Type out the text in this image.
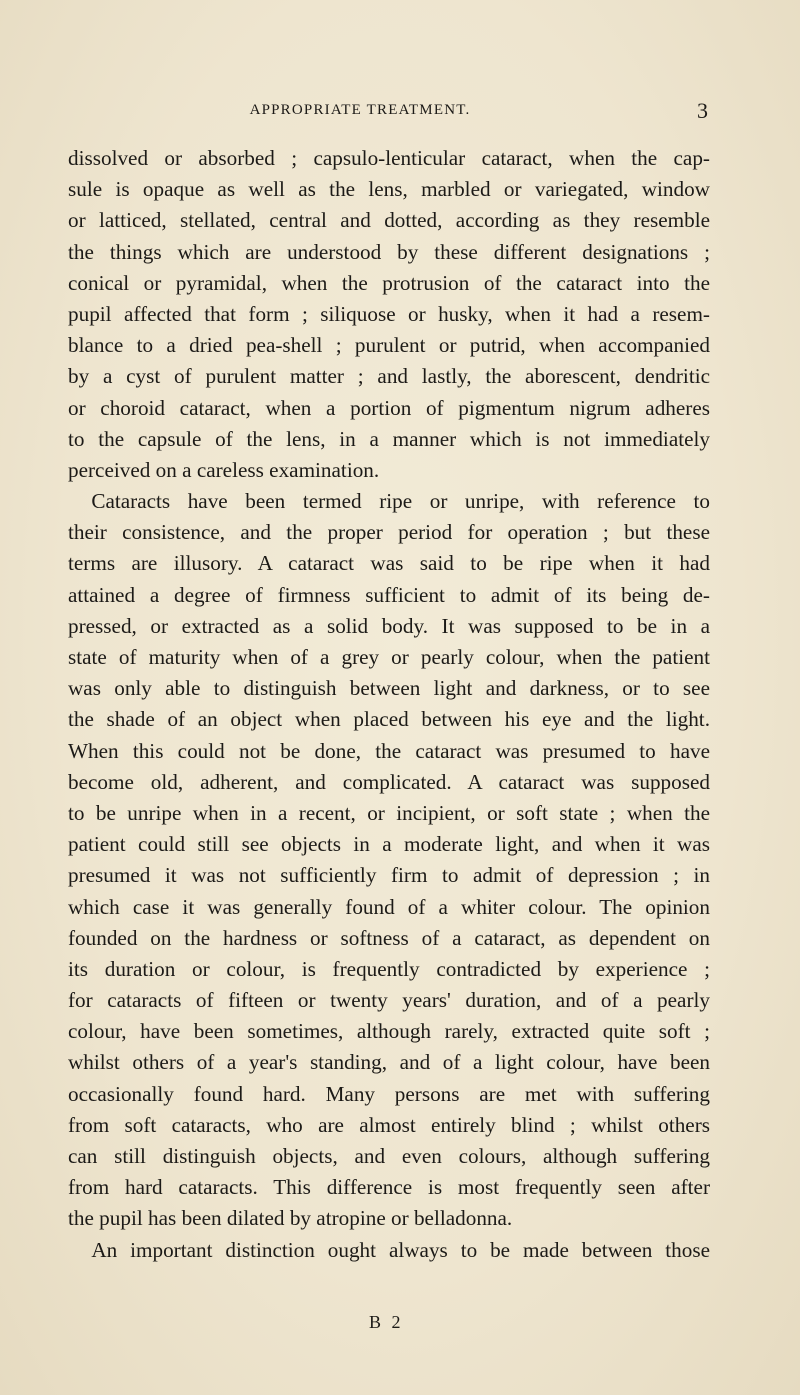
APPROPRIATE TREATMENT.	3
dissolved or absorbed ; capsulo-lenticular cataract, when the cap-
sule is opaque as well as the lens, marbled or variegated, window
or latticed, stellated, central and dotted, according as they resemble
the things which are understood by these different designations ;
conical or pyramidal, when the protrusion of the cataract into the
pupil affected that form ; siliquose or husky, when it had a resem-
blance to a dried pea-shell ; purulent or putrid, when accompanied
by a cyst of purulent matter ; and lastly, the aborescent, dendritic
or choroid cataract, when a portion of pigmentum nigrum adheres
to the capsule of the lens, in a manner which is not immediately
perceived on a careless examination.
Cataracts have been termed ripe or unripe, with reference to
their consistence, and the proper period for operation ; but these
terms are illusory. A cataract was said to be ripe when it had
attained a degree of firmness sufficient to admit of its being de-
pressed, or extracted as a solid body. It was supposed to be in a
state of maturity when of a grey or pearly colour, when the patient
was only able to distinguish between light and darkness, or to see
the shade of an object when placed between his eye and the light.
When this could not be done, the cataract was presumed to have
become old, adherent, and complicated. A cataract was supposed
to be unripe when in a recent, or incipient, or soft state ; when the
patient could still see objects in a moderate light, and when it was
presumed it was not sufficiently firm to admit of depression ; in
which case it was generally found of a whiter colour. The opinion
founded on the hardness or softness of a cataract, as dependent on
its duration or colour, is frequently contradicted by experience ;
for cataracts of fifteen or twenty years' duration, and of a pearly
colour, have been sometimes, although rarely, extracted quite soft ;
whilst others of a year's standing, and of a light colour, have been
occasionally found hard. Many persons are met with suffering
from soft cataracts, who are almost entirely blind ; whilst others
can still distinguish objects, and even colours, although suffering
from hard cataracts. This difference is most frequently seen after
the pupil has been dilated by atropine or belladonna.
An important distinction ought always to be made between those
B 2
